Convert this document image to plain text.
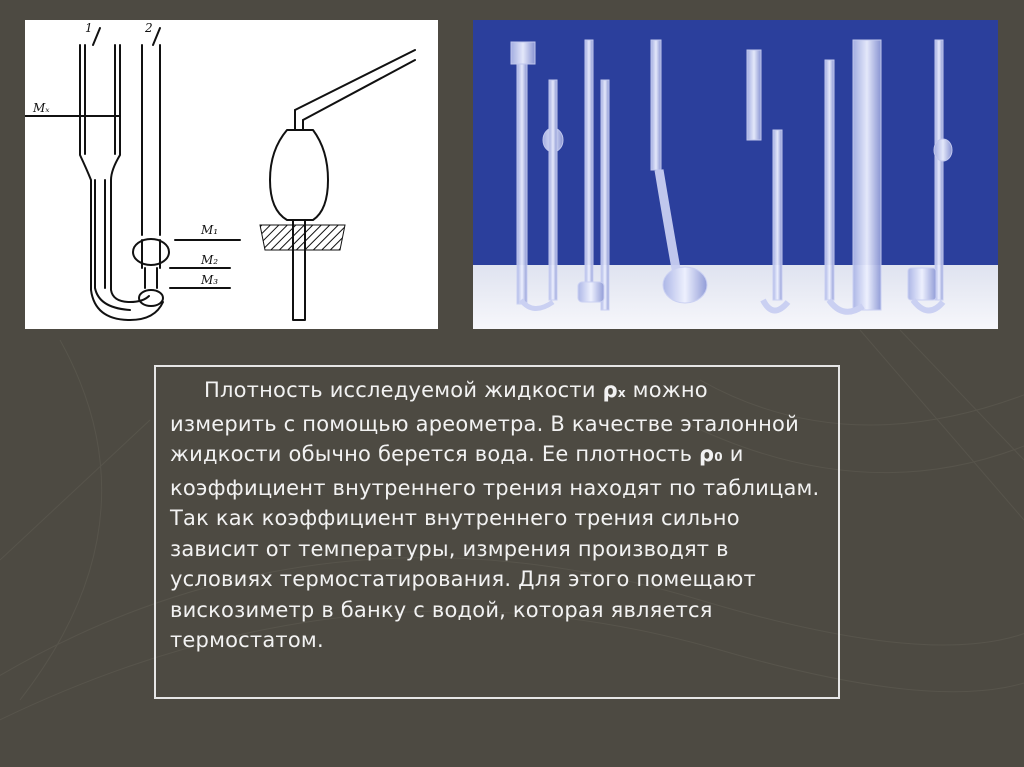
1	2
Mₓ
M₁
M₂
M₃

Плотность исследуемой жидкости ρx можно измерить с помощью ареометра. В качестве эталонной жидкости обычно берется вода. Ее плотность ρ0 и коэффициент внутреннего трения находят по таблицам. Так как коэффициент внутреннего трения сильно зависит от температуры, измрения производят в условиях термостатирования. Для этого помещают вискозиметр в банку с водой, которая является термостатом.
